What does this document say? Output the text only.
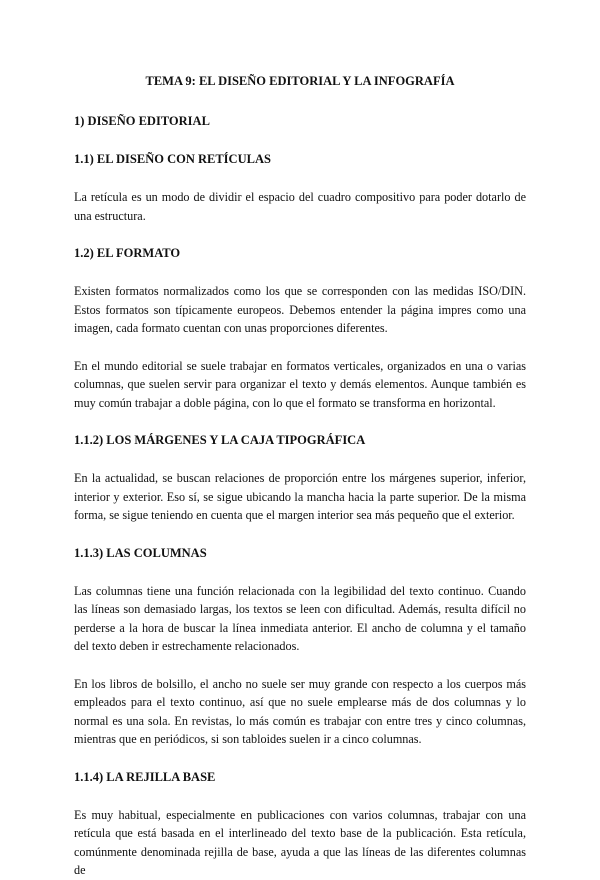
TEMA 9: EL DISEÑO EDITORIAL Y LA INFOGRAFÍA
1) DISEÑO EDITORIAL
1.1) EL DISEÑO CON RETÍCULAS

La retícula es un modo de dividir el espacio del cuadro compositivo para poder dotarlo de una estructura.

1.2) EL FORMATO

Existen formatos normalizados como los que se corresponden con las medidas ISO/DIN. Estos formatos son típicamente europeos. Debemos entender la página impres como una imagen, cada formato cuentan con unas proporciones diferentes.

En el mundo editorial se suele trabajar en formatos verticales, organizados en una o varias columnas, que suelen servir para organizar el texto y demás elementos. Aunque también es muy común trabajar a doble página, con lo que el formato se transforma en horizontal.

1.1.2) LOS MÁRGENES Y LA CAJA TIPOGRÁFICA

En la actualidad, se buscan relaciones de proporción entre los márgenes superior, inferior, interior y exterior. Eso sí, se sigue ubicando la mancha hacia la parte superior. De la misma forma, se sigue teniendo en cuenta que el margen interior sea más pequeño que el exterior.

1.1.3) LAS COLUMNAS

Las columnas tiene una función relacionada con la legibilidad del texto continuo. Cuando las líneas son demasiado largas, los textos se leen con dificultad. Además, resulta difícil no perderse a la hora de buscar la línea inmediata anterior. El ancho de columna y el tamaño del texto deben ir estrechamente relacionados.

En los libros de bolsillo, el ancho no suele ser muy grande con respecto a los cuerpos más empleados para el texto continuo, así que no suele emplearse más de dos columnas y lo normal es una sola. En revistas, lo más común es trabajar con entre tres y cinco columnas, mientras que en periódicos, si son tabloides suelen ir a cinco columnas.

1.1.4) LA REJILLA BASE

Es muy habitual, especialmente en publicaciones con varios columnas, trabajar con una retícula que está basada en el interlineado del texto base de la publicación. Esta retícula, comúnmente denominada rejilla de base, ayuda a que las líneas de las diferentes columnas de
